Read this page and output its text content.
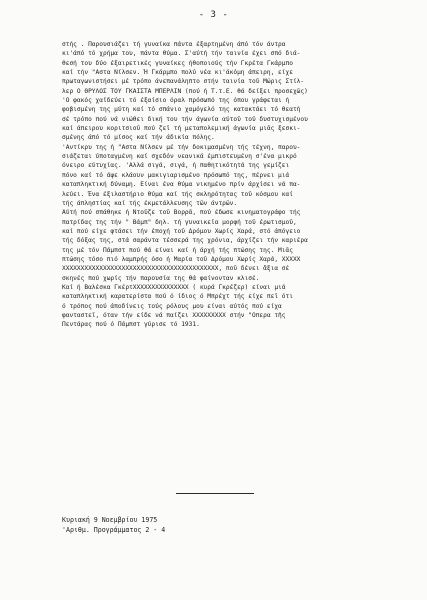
- 3 -
στής . Παρουσιάζει τή γυναίκα πάντα έξαρτημένη άπό τόν άντρα
κι'άπό τό χρήμα του, πάντα θύμα. Σ'αύτή τήν ταινία έχει σπό διά-
θεσή του δύο έξαιρετικές γυναίκες ήθοποιούς τήν Γκρέτα Γκάρμπο
καί τήν "Αστα Νίλσεν. Ή Γκάρμπο πολύ νέα κι'άκόμη άπειρη, είχε
πρωταγωνιστήσει μέ τρόπο άνεπανάληπτο στήν ταινία τοῦ Μώρις Στίλ-
λερ Ο ΘΡΥΛΟΣ ΤΟΥ ΓΚΑΙΣΤΑ ΜΠΕΡΛΙΝ (πού ή Τ.τ.Ε. θά δείξει προσεχῶς)
'Ο φακός χαϊδεύει τό έξαίσιο όραλ πρόσωπό της όπου γράφεται ή
φοβισμένη της μύτη καί τό σπάνιο χαμόγελό της κατακτάει τό θεατή
σέ τρόπο πού νά νιώθει δική του τήν άγωνία αύτοῦ τοῦ δυστυχισμένου
καί άπειρου κοριτσιοῦ πού ζεῖ τή μεταπολεμική άγωνία μιᾶς ξεσκι-
σμένης άπό τό μίσος καί τήν άδικία πόλης.
'Αντίκρυ της ή "Αστα Νίλσεν μέ τήν δοκιμασμένη τής τέχνη, παρου-
σιάζεται ύποταγμένη καί σχεδόν νεανικά έμπιστευμένη σ'ένα μικρό
όνειρο εύτυχίας. 'Αλλά σιγά, σιγά, ή παθητικότητά της γεμίζει
πόνο καί τό άψε κλάουν μακιγιαρισμένο πρόσωπό της, πέρνει μιά
καταπληκτική δύναμη. Είναι ένα θύμα νικημένο πρίν άρχίσει νά πα-
λεύει. Ένα έξιλαστήριο θύμα καί τής σκληρότητας τοῦ κόσμου καί
τής άπληστίας καί τής έκμετάλλευσης τῶν άντρῶν.
Αύτή πού σπάθηκε ή Ντοῦζε τοῦ Βορρᾶ, πού έδωσε κινηματογράφο τής
πατρίδας της τήν " Βάμπ" δηλ. τή γυναικεῖα μορφή τοῦ έρωτισμοῦ,
καί πού είχε φτάσει τήν έποχή τοῦ Δρόμου Χωρίς Χαρά, στό άπόγειο
τής δόξας της, στά σαράντα τέσσερά της χρόνια, άρχίζει τήν καριέρα
της μέ τόν Πάμπστ πού θά είναι καί ή άρχή τής πτώσης της. Μιᾶς
πτώσης τόσο πιό λαμπρής όσο ή Μαρία τοῦ Δρόμου Χωρίς Χαρά, XXXXX
XXXXXXXXXXXXXXXXXXXXXXXXXXXXXXXXXXXXXXXXXX, ποῦ δένει ἄξια σέ
σκηνές πού χωρίς τήν παρουσία της θά φαίνονταν κλισέ.
Καί ή Βαλέσκα ΓκέρτXXXXXXXXXXXXXXX ( κυρά Γκρέζερ) είναι μιά
καταπληκτική καρατερίστα πού ό ίδιος ό Μπρέχτ τής είχε πεῖ ότι
ό τρόπος πού άποδίνεις τούς ρόλους μου είναι αύτός πού είχα
φανταστεῖ, όταν τήν είδε νά παίζει XXXXXXXXX στήν "Οπερα τῆς
Πεντάρας πού ό Πάμπστ γύρισε τό 1931.
Κυριακή 9 Νοεμβρίου 1975
'Αριθμ. Προγράμματος 2 - 4
